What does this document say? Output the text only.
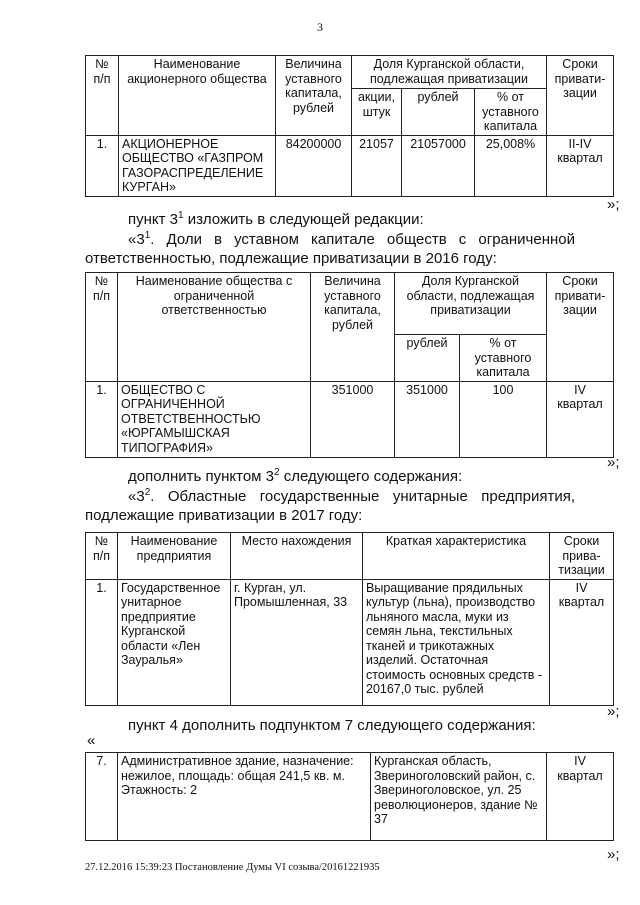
3
№ п/п	Наименование акционерного общества	Величина уставного капитала, рублей	Доля Курганской области, подлежащая приватизации			Сроки привати-зации
			акции, штук	рублей	% от уставного капитала	
1.	АКЦИОНЕРНОЕ ОБЩЕСТВО «ГАЗПРОМ ГАЗОРАСПРЕДЕЛЕНИЕ КУРГАН»	84200000	21057	21057000	25,008%	II-IV квартал
»;
пункт $3^1$ изложить в следующей редакции:
«$3^1$. Доли в уставном капитале обществ с ограниченной
ответственностью, подлежащие приватизации в 2016 году:
№ п/п	Наименование общества с ограниченной ответственностью	Величина уставного капитала, рублей	Доля Курганской области, подлежащая приватизации		Сроки привати-зации
			рублей	% от уставного капитала	
1.	ОБЩЕСТВО С ОГРАНИЧЕННОЙ ОТВЕТСТВЕННОСТЬЮ «ЮРГАМЫШСКАЯ ТИПОГРАФИЯ»	351000	351000	100	IV квартал
»;
дополнить пунктом $3^2$ следующего содержания:
«$3^2$. Областные государственные унитарные предприятия,
подлежащие приватизации в 2017 году:
№ п/п	Наименование предприятия	Место нахождения	Краткая характеристика	Сроки прива-тизации
1.	Государственное унитарное предприятие Курганской области «Лен Зауралья»	г. Курган, ул. Промышленная, 33	Выращивание прядильных культур (льна), производство льняного масла, муки из семян льна, текстильных тканей и трикотажных изделий. Остаточная стоимость основных средств - 20167,0 тыс. рублей	IV квартал
»;
пункт 4 дополнить подпунктом 7 следующего содержания:
«
7.	Административное здание, назначение: нежилое, площадь: общая 241,5 кв. м. Этажность: 2	Курганская область, Звериноголовский район, с. Звериноголовское, ул. 25 революционеров, здание № 37	IV квартал
27.12.2016 15:39:23 Постановление Думы VI созыва/20161221935
»;
